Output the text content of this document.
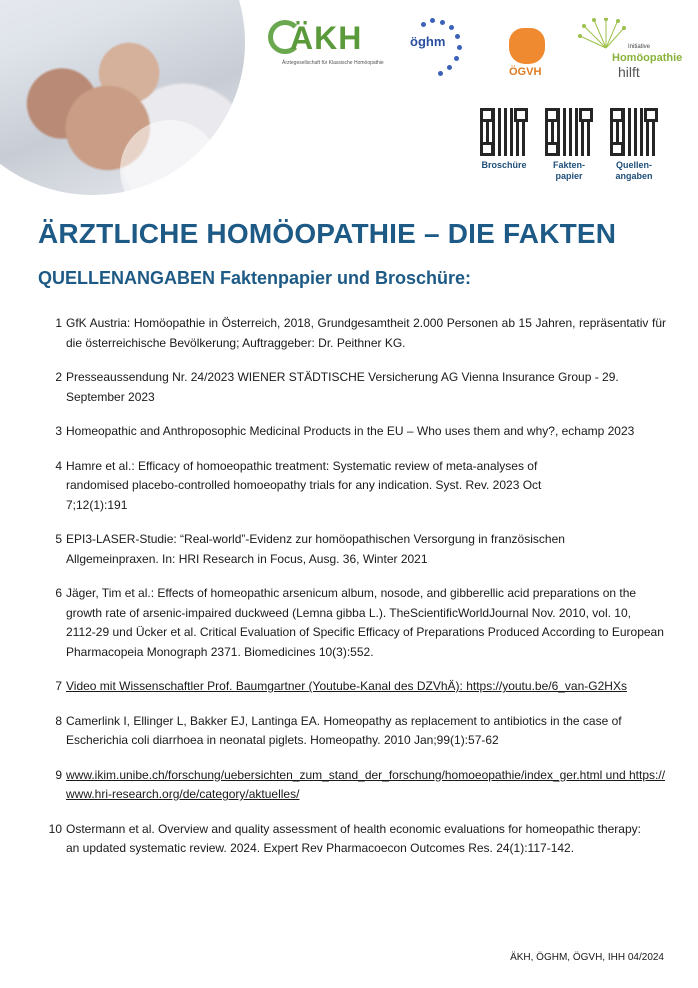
ÄKH
Ärztegesellschaft für Klassische Homöopathie
öghm
ÖGVH
Initiative
Homöopathie
hilft
Broschüre	Fakten-
papier
Quellen-
angaben
ÄRZTLICHE HOMÖOPATHIE – DIE FAKTEN
QUELLENANGABEN Faktenpapier und Broschüre:
1 GfK Austria: Homöopathie in Österreich, 2018, Grundgesamtheit 2.000 Personen ab 15 Jahren, repräsentativ für die österreichische Bevölkerung; Auftraggeber: Dr. Peithner KG.
2 Presseaussendung Nr. 24/2023 WIENER STÄDTISCHE Versicherung AG Vienna Insurance Group - 29. September 2023
3 Homeopathic and Anthroposophic Medicinal Products in the EU – Who uses them and why?, echamp 2023
4 Hamre et al.: Efficacy of homoeopathic treatment: Systematic review of meta-analyses of randomised placebo-controlled homoeopathy trials for any indication. Syst. Rev. 2023 Oct 7;12(1):191
5 EPI3-LASER-Studie: “Real-world”-Evidenz zur homöopathischen Versorgung in französischen Allgemeinpraxen. In: HRI Research in Focus, Ausg. 36, Winter 2021
6 Jäger, Tim et al.: Effects of homeopathic arsenicum album, nosode, and gibberellic acid preparations on the growth rate of arsenic-impaired duckweed (Lemna gibba L.). TheScientificWorldJournal Nov. 2010, vol. 10, 2112-29 und Ücker et al. Critical Evaluation of Specific Efficacy of Preparations Produced According to European Pharmacopeia Monograph 2371. Biomedicines 10(3):552.
7 Video mit Wissenschaftler Prof. Baumgartner (Youtube-Kanal des DZVhÄ): https://youtu.be/6_van-G2HXs
8 Camerlink I, Ellinger L, Bakker EJ, Lantinga EA. Homeopathy as replacement to antibiotics in the case of Escherichia coli diarrhoea in neonatal piglets. Homeopathy. 2010 Jan;99(1):57-62
9 www.ikim.unibe.ch/forschung/uebersichten_zum_stand_der_forschung/homoeopathie/index_ger.html und https://www.hri-research.org/de/category/aktuelles/
10 Ostermann et al. Overview and quality assessment of health economic evaluations for homeopathic therapy: an updated systematic review. 2024. Expert Rev Pharmacoecon Outcomes Res. 24(1):117-142.
ÄKH, ÖGHM, ÖGVH, IHH 04/2024
